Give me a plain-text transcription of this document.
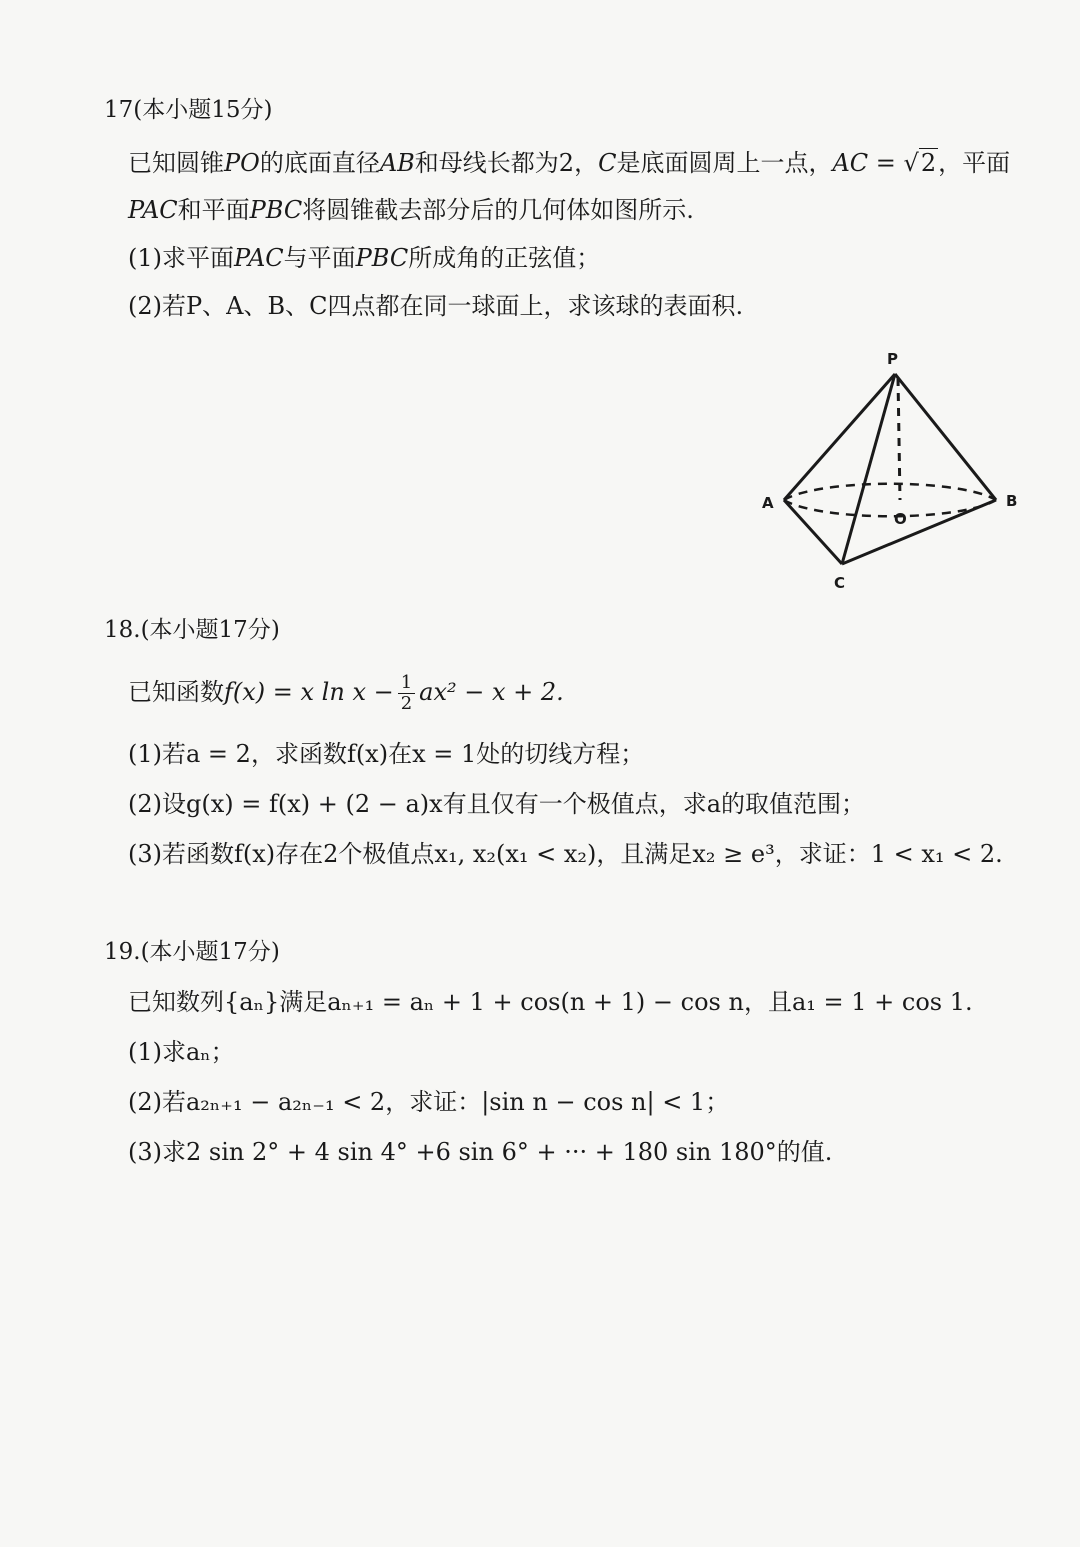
17(本小题15分)
已知圆锥PO的底面直径AB和母线长都为2，C是底面圆周上一点，AC = √2，平面
PAC和平面PBC将圆锥截去部分后的几何体如图所示.
(1)求平面PAC与平面PBC所成角的正弦值；
(2)若P、A、B、C四点都在同一球面上，求该球的表面积.
P
A	B
O
C
18.(本小题17分)
已知函数f(x) = x $\ln x - \frac{1}{2} ax^2 - x + 2$.
(1)若a = 2，求函数f(x)在x = 1处的切线方程；
(2)设g(x) = f(x) + (2 − a)x有且仅有一个极值点，求a的取值范围；
(3)若函数f(x)存在2个极值点x₁, x₂(x₁ < x₂)，且满足x₂ ≥ e³，求证：1 < x₁ < 2.
19.(本小题17分)
已知数列{aₙ}满足aₙ₊₁ = aₙ + 1 + cos(n + 1) − cos n，且a₁ = 1 + cos 1.
(1)求aₙ；
(2)若a₂ₙ₊₁ − a₂ₙ₋₁ < 2，求证：|sin n − cos n| < 1；
(3)求2 sin 2° + 4 sin 4° +6 sin 6° + ··· + 180 sin 180°的值.
